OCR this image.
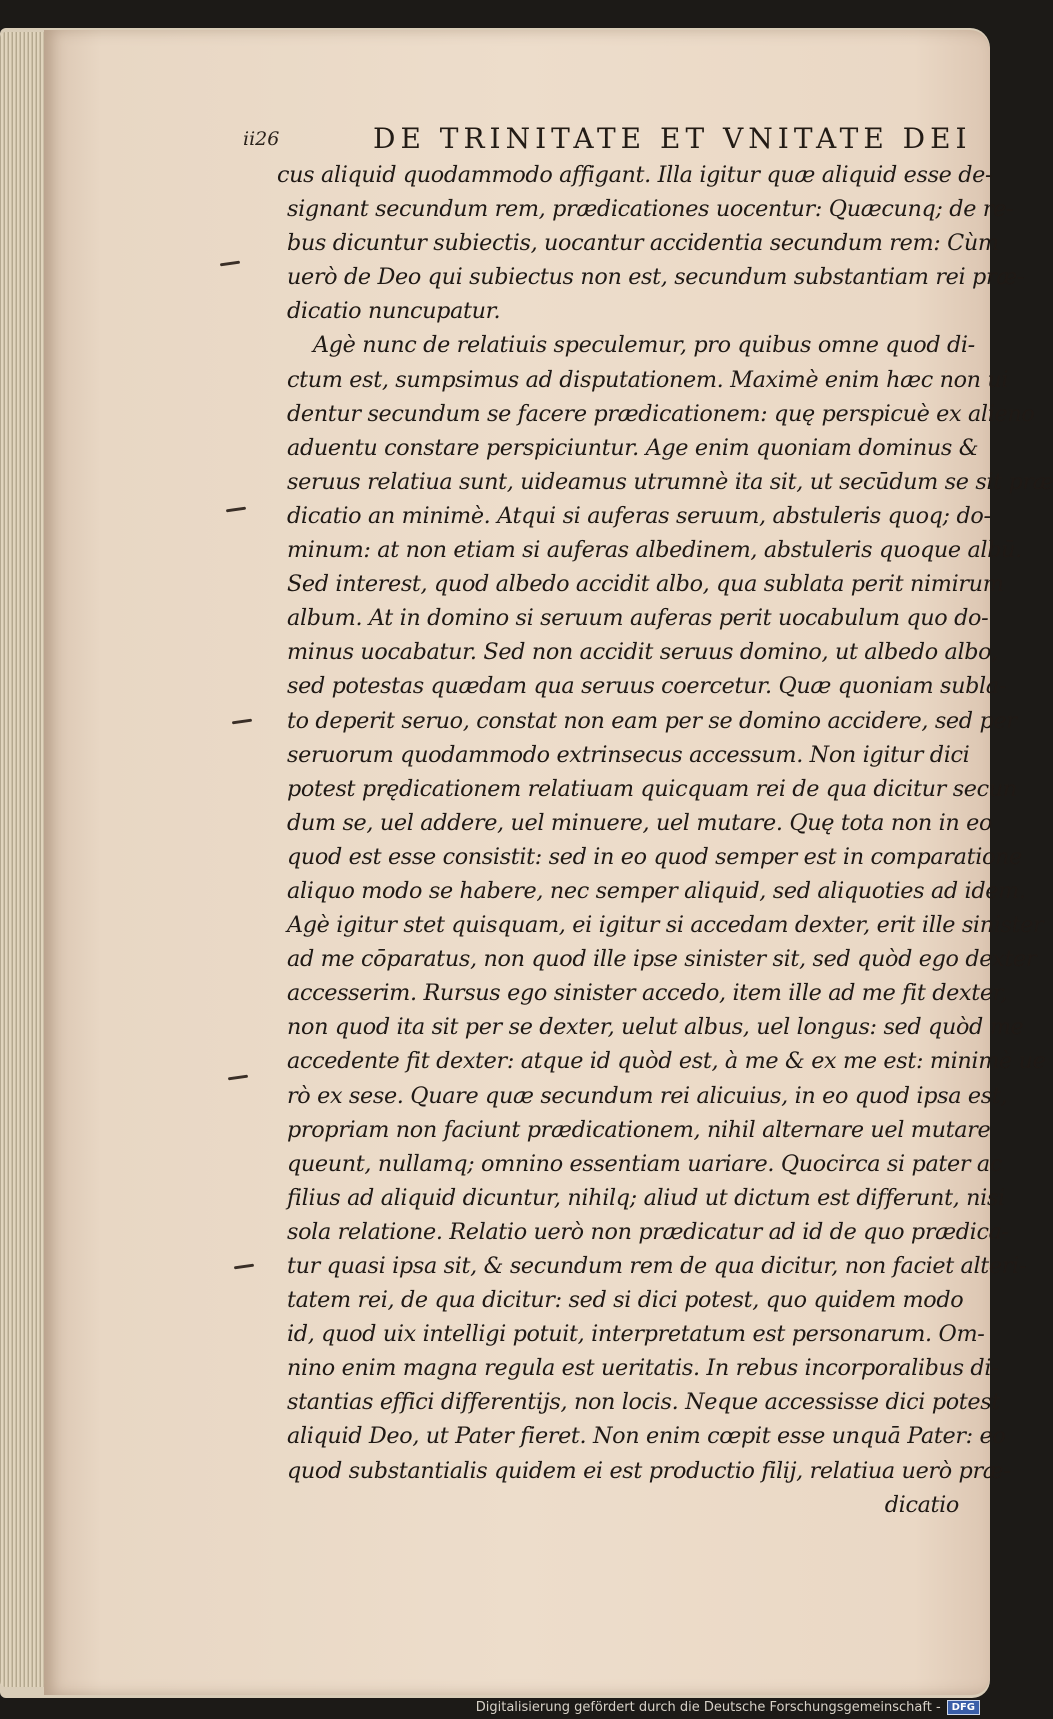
ii26	DE TRINITATE ET VNITATE DEI
cus aliquid quodammodo affigant. Illa igitur quæ aliquid esse de-
signant secundum rem, prædicationes uocentur: Quæcunq; de re-
bus dicuntur subiectis, uocantur accidentia secundum rem: Cùm
uerò de Deo qui subiectus non est, secundum substantiam rei præ-
dicatio nuncupatur.
Agè nunc de relatiuis speculemur, pro quibus omne quod di-
ctum est, sumpsimus ad disputationem. Maximè enim hæc non ui
dentur secundum se facere prædicationem: quę perspicuè ex alieno
aduentu constare perspiciuntur. Age enim quoniam dominus &
seruus relatiua sunt, uideamus utrumnè ita sit, ut secūdum se sit præ
dicatio an minimè. Atqui si auferas seruum, abstuleris quoq; do-
minum: at non etiam si auferas albedinem, abstuleris quoque albū.
Sed interest, quod albedo accidit albo, qua sublata perit nimirum
album. At in domino si seruum auferas perit uocabulum quo do-
minus uocabatur. Sed non accidit seruus domino, ut albedo albo,
sed potestas quædam qua seruus coercetur. Quæ quoniam subla-
to deperit seruo, constat non eam per se domino accidere, sed per
seruorum quodammodo extrinsecus accessum. Non igitur dici
potest prędicationem relatiuam quicquam rei de qua dicitur secun
dum se, uel addere, uel minuere, uel mutare. Quę tota non in eo
quod est esse consistit: sed in eo quod semper est in comparatione
aliquo modo se habere, nec semper aliquid, sed aliquoties ad idem.
Agè igitur stet quisquam, ei igitur si accedam dexter, erit ille sinister
ad me cōparatus, non quod ille ipse sinister sit, sed quòd ego dexter
accesserim. Rursus ego sinister accedo, item ille ad me fit dexter,
non quod ita sit per se dexter, uelut albus, uel longus: sed quòd me
accedente fit dexter: atque id quòd est, à me & ex me est: minimè ue
rò ex sese. Quare quæ secundum rei alicuius, in eo quod ipsa est,
propriam non faciunt prædicationem, nihil alternare uel mutare
queunt, nullamq; omnino essentiam uariare. Quocirca si pater ac
filius ad aliquid dicuntur, nihilq; aliud ut dictum est differunt, nisi
sola relatione. Relatio uerò non prædicatur ad id de quo prædica-
tur quasi ipsa sit, & secundum rem de qua dicitur, non faciet alteri-
tatem rei, de qua dicitur: sed si dici potest, quo quidem modo
id, quod uix intelligi potuit, interpretatum est personarum. Om-
nino enim magna regula est ueritatis. In rebus incorporalibus di-
stantias effici differentijs, non locis. Neque accessisse dici potest
aliquid Deo, ut Pater fieret. Non enim cœpit esse unquā Pater: eo
quod substantialis quidem ei est productio filij, relatiua uerò præ-
dicatio
Digitalisierung gefördert durch die Deutsche Forschungsgemeinschaft -	DFG
